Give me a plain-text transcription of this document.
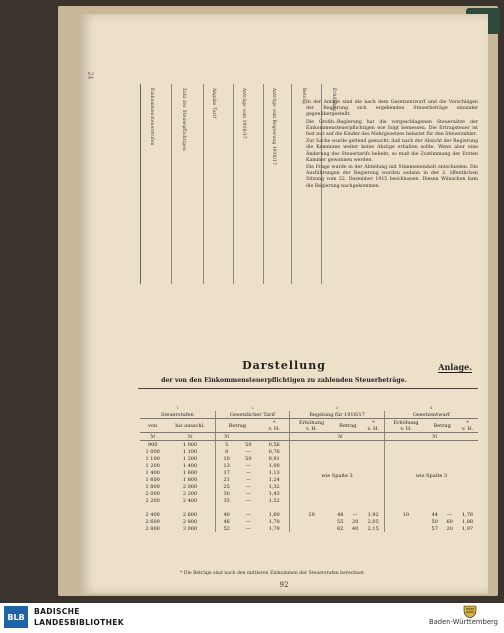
24
Einkommensteuerstufen	Zahl der Steuerpflichtigen	Abgabe Tarif	Anträge vom 1916/17	Anträge vom Regierung 1916/17	Betrag	Erhöhung

In der Anlage sind die nach dem Gesetzentwurf und die Vorschlägen der Regierung sich ergebenden Steuerbeträge einander gegenübergestellt.

Die Großh.-Regierung hat die vorgeschlagenen Steuersätze der Einkommensteuerpflichtigen wie folgt bemessen. Die Ertragsteuer ist fest nur auf die Kinder des Mehrgesetzes belastet für den Steuerzahler.

Zur Sache wurde geltend gemacht, daß nach der Absicht der Regierung die Kommune weiter keine Abzüge erhalten sollte. Wenn aber eine Änderung des Steuertarifs beliebt, so muß die Zustimmung der Ersten Kammer gewonnen werden.

Die Frage wurde in der Abteilung mit Stimmeneinheit entschieden. Die Ausführungen der Regierung wurden sodann in der 2. öffentlichen Sitzung vom 22. Dezember 1915 beschlossen. Diesen Wünschen kam die Regierung nachgekommen.

Anlage.
Darstellung
der von den Einkommensteuerpflichtigen zu zahlenden Steuerbeträge.
1		2			3				4			
Steuerstufen		Gesetzlicher Tarif			Regelung für 1916/17				Gesetzentwurf			
von	bis ausschl.	Betrag		*
v. H.	Erhöhung
v. H.	Betrag		*
v. H.	Erhöhung
v. H.	Betrag		*
v. H.
ℳ	ℳ	ℳ				ℳ				ℳ		
900	1 000	5	50	0,56	wie Spalte 3				wie Spalte 3			
1 000	1 100	8	—	0,76								
1 100	1 200	10	50	0,91								
1 200	1 400	13	—	1,00								
1 400	1 600	17	—	1,13								
1 600	1 800	21	—	1,24								
1 800	2 000	25	—	1,32								
2 000	2 200	30	—	1,43								
2 200	2 400	35	—	1,52								

2 400	2 600	40	—	1,60	20	48	—	1,92	10	44	—	1,76
2 600	2 800	46	—	1,70		55	20	2,05		50	60	1,88
2 800	3 000	52	—	1,79		62	40	2,15		57	20	1,97
* Die Beträge sind nach den mittleren Einkommen der Steuerstufen berechnet.
92
BLB
BADISCHE
LANDESBIBLIOTHEK	Baden-Württemberg
